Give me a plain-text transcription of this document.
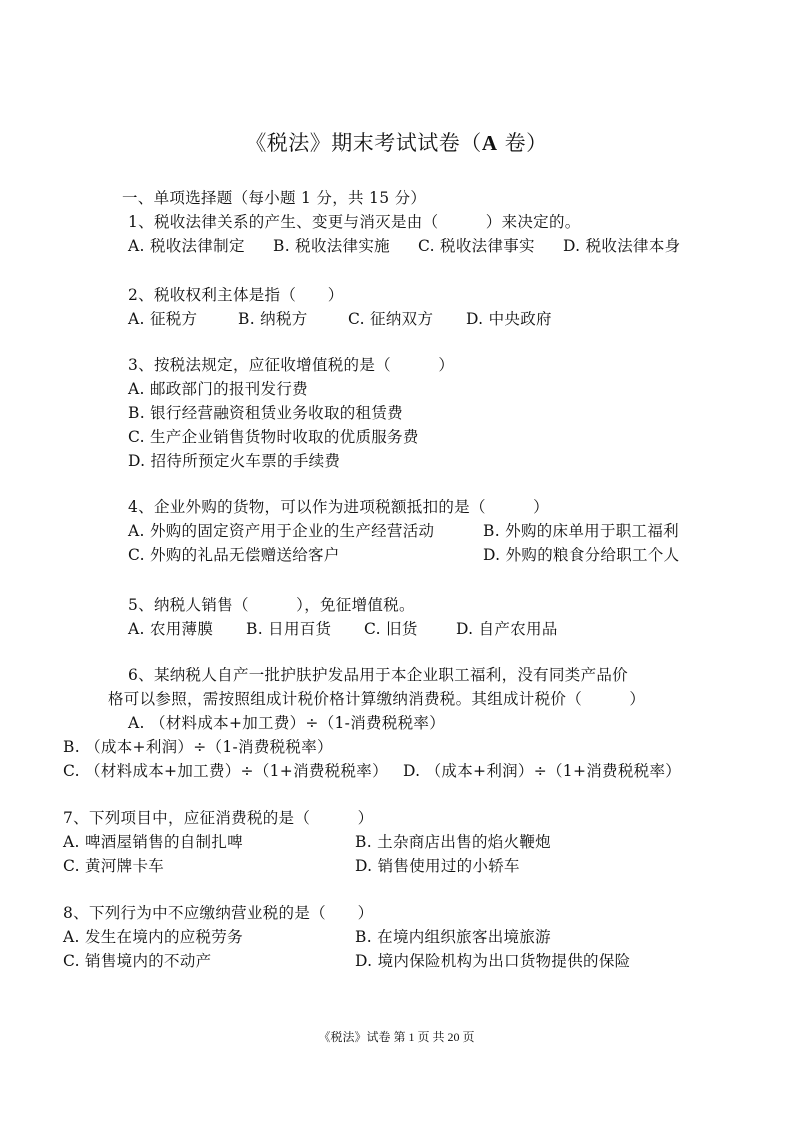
《税法》期末考试试卷（A 卷）
一、单项选择题（每小题 1 分，共 15 分）
1、税收法律关系的产生、变更与消灭是由（　　　）来决定的。
A. 税收法律制定 B. 税收法律实施 C. 税收法律事实 D. 税收法律本身
2、税收权利主体是指（　　）
A. 征税方	B. 纳税方	C. 征纳双方 D. 中央政府
3、按税法规定，应征收增值税的是（　　　）
A. 邮政部门的报刊发行费
B. 银行经营融资租赁业务收取的租赁费
C. 生产企业销售货物时收取的优质服务费
D. 招待所预定火车票的手续费
4、企业外购的货物，可以作为进项税额抵扣的是（　　　）
A. 外购的固定资产用于企业的生产经营活动	B. 外购的床单用于职工福利
C. 外购的礼品无偿赠送给客户	D. 外购的粮食分给职工个人
5、纳税人销售（　　　），免征增值税。
A. 农用薄膜 B. 日用百货 C. 旧货 D. 自产农用品
6、某纳税人自产一批护肤护发品用于本企业职工福利，没有同类产品价
格可以参照，需按照组成计税价格计算缴纳消费税。其组成计税价（　　　）
A. （材料成本+加工费）÷（1-消费税税率）
B. （成本+利润）÷（1-消费税税率）
C. （材料成本+加工费）÷（1+消费税税率） D. （成本+利润）÷（1+消费税税率）
7、下列项目中，应征消费税的是（　　　）
A. 啤酒屋销售的自制扎啤	B. 土杂商店出售的焰火鞭炮
C. 黄河牌卡车	D. 销售使用过的小轿车
8、下列行为中不应缴纳营业税的是（　　）
A. 发生在境内的应税劳务	B. 在境内组织旅客出境旅游
C. 销售境内的不动产	D. 境内保险机构为出口货物提供的保险
《税法》试卷 第 1 页 共 20 页
